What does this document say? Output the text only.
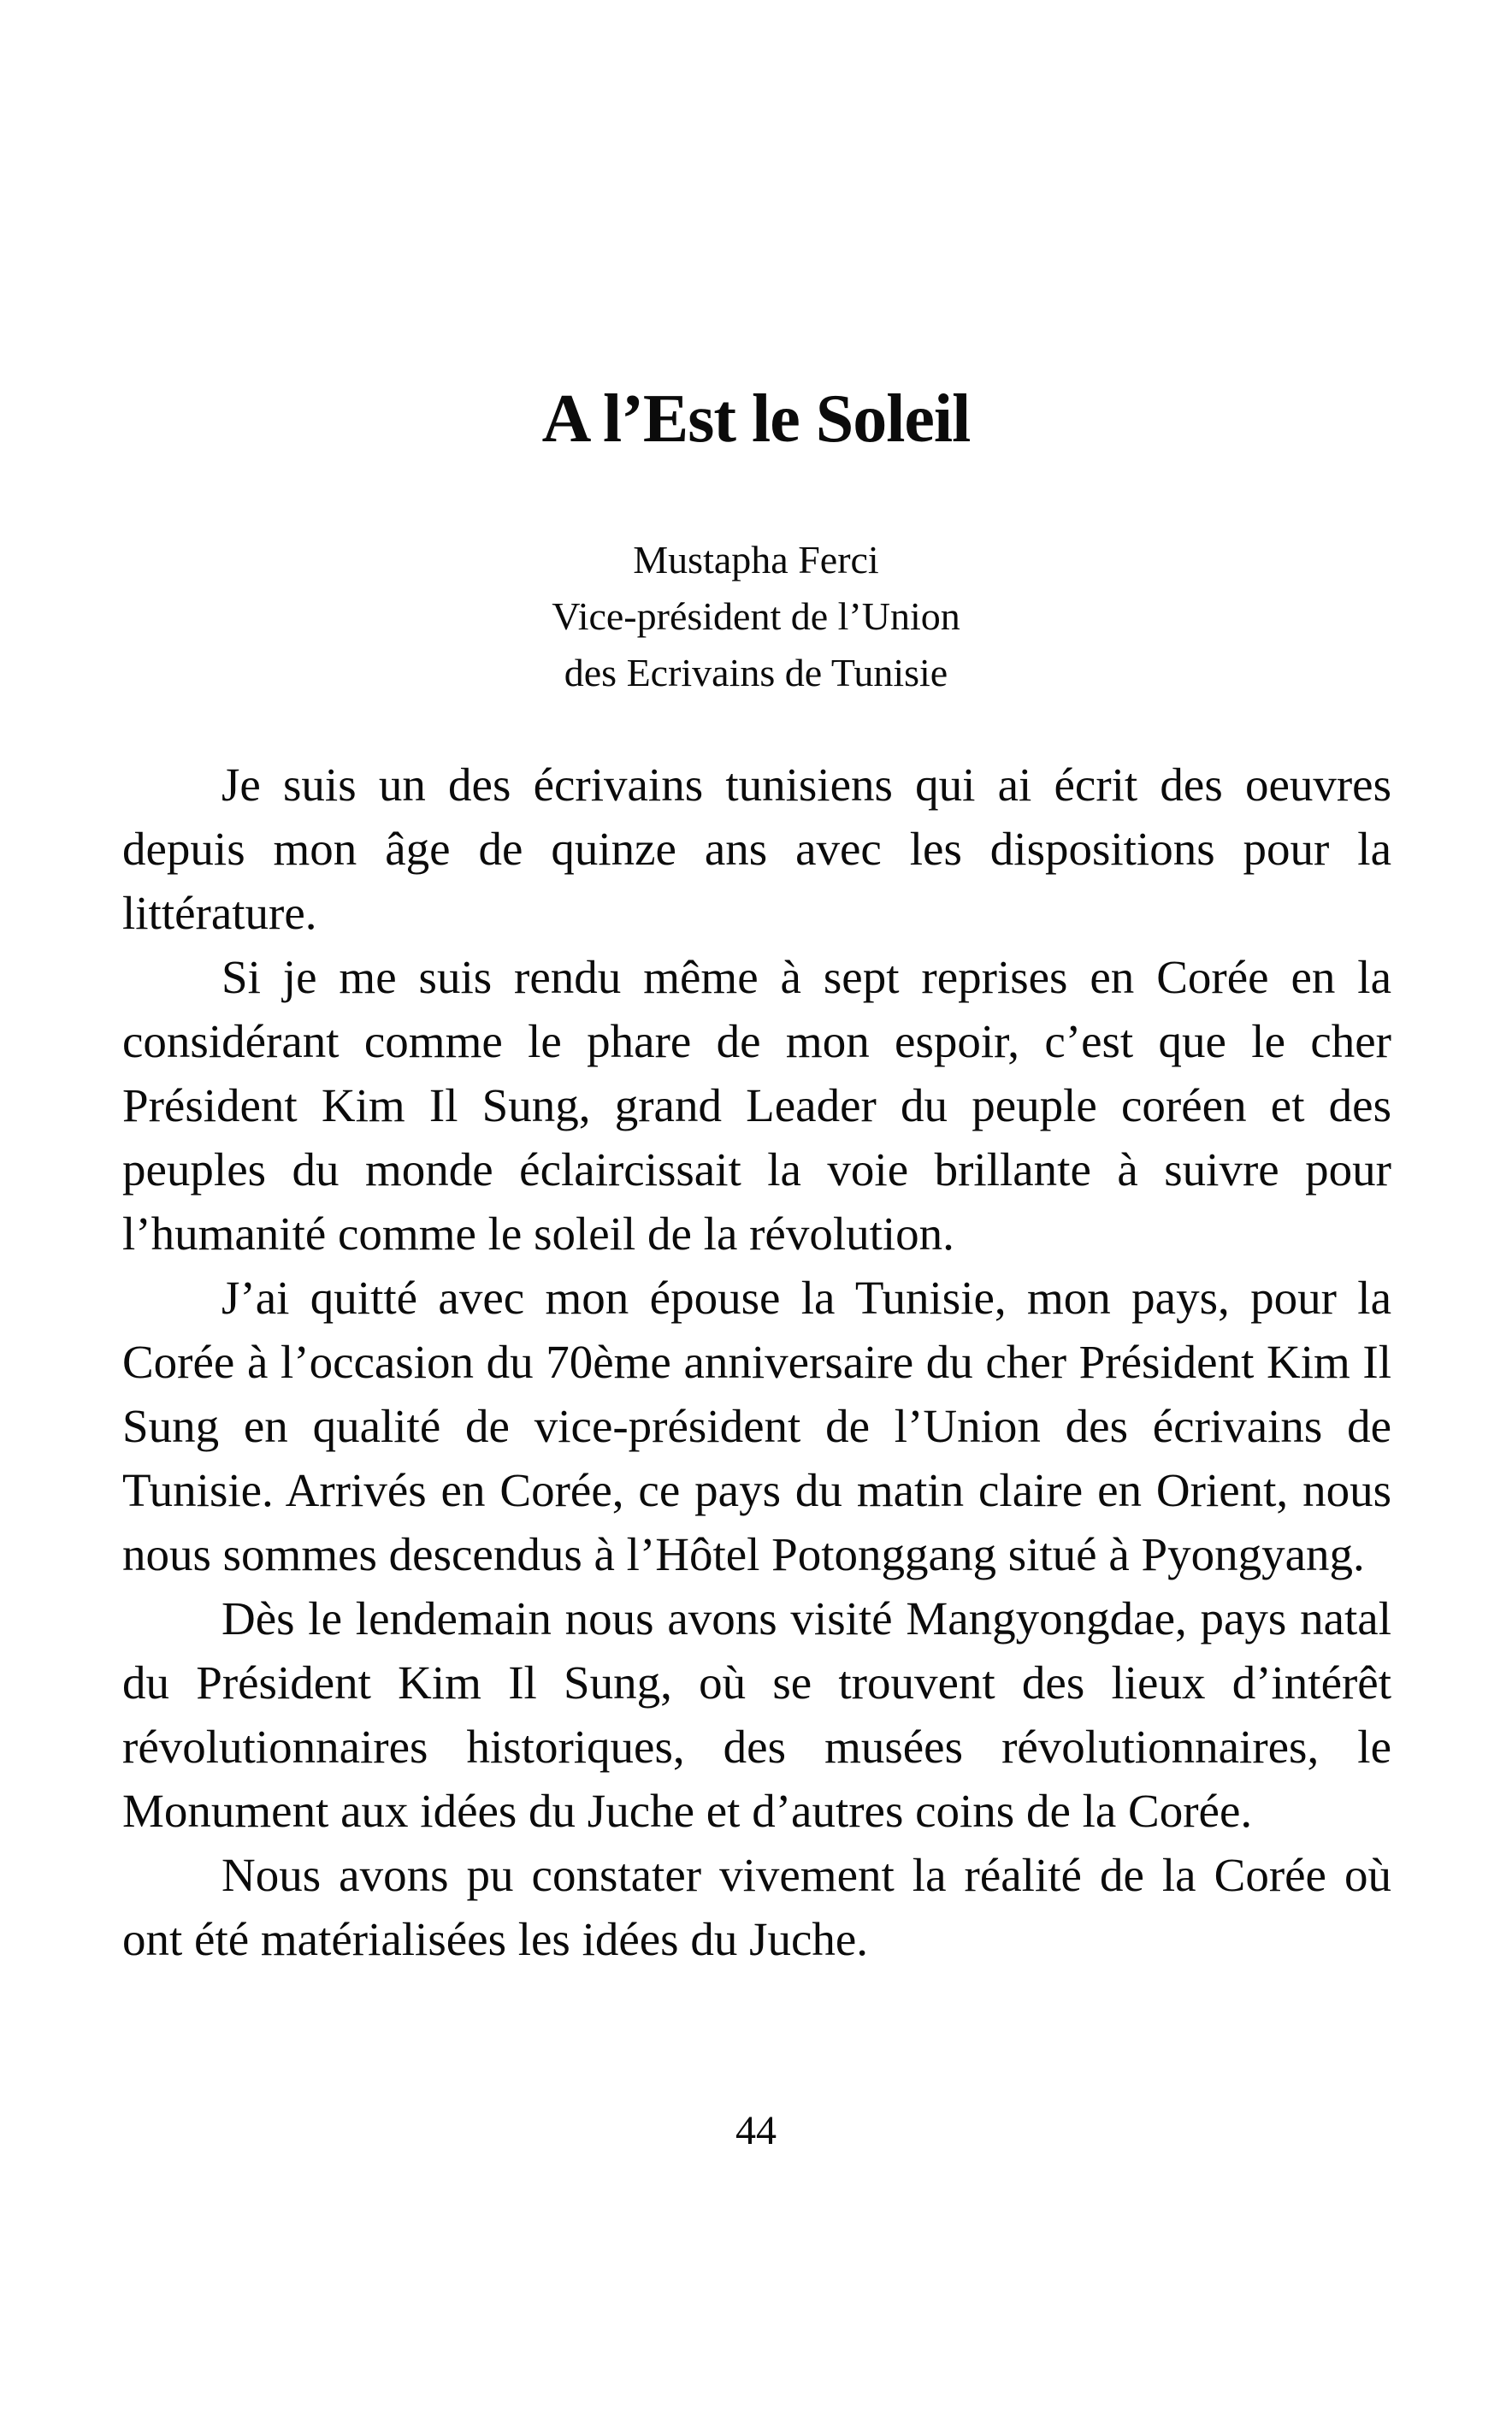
A l’Est le Soleil
Mustapha Ferci
Vice-président de l’Union
des Ecrivains de Tunisie

Je suis un des écrivains tunisiens qui ai écrit des oeuvres depuis mon âge de quinze ans avec les dispositions pour la littérature.

Si je me suis rendu même à sept reprises en Corée en la considérant comme le phare de mon espoir, c’est que le cher Président Kim Il Sung, grand Leader du peuple coréen et des peuples du monde éclaircissait la voie brillante à suivre pour l’humanité comme le soleil de la révolution.

J’ai quitté avec mon épouse la Tunisie, mon pays, pour la Corée à l’occasion du 70ème anniversaire du cher Président Kim Il Sung en qualité de vice-président de l’Union des écrivains de Tunisie. Arrivés en Corée, ce pays du matin claire en Orient, nous nous sommes descendus à l’Hôtel Potonggang situé à Pyongyang.

Dès le lendemain nous avons visité Mangyongdae, pays natal du Président Kim Il Sung, où se trouvent des lieux d’intérêt révolutionnaires historiques, des musées révolutionnaires, le Monument aux idées du Juche et d’autres coins de la Corée.

Nous avons pu constater vivement la réalité de la Corée où ont été matérialisées les idées du Juche.

44
